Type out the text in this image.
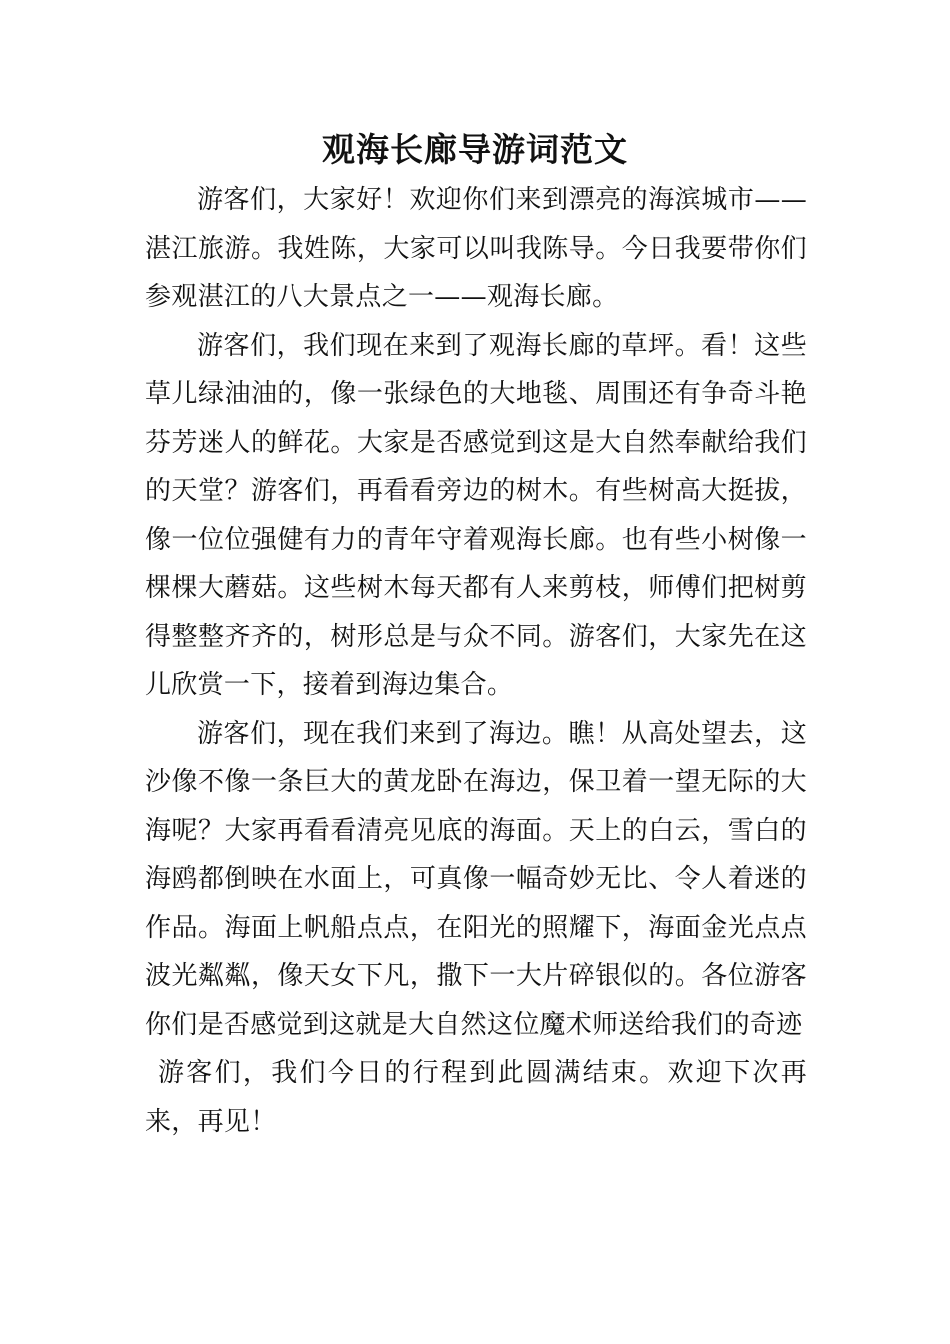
观海长廊导游词范文

游客们，大家好！欢迎你们来到漂亮的海滨城市——湛江旅游。我姓陈，大家可以叫我陈导。今日我要带你们参观湛江的八大景点之一——观海长廊。

游客们，我们现在来到了观海长廊的草坪。看！这些草儿绿油油的，像一张绿色的大地毯、周围还有争奇斗艳芬芳迷人的鲜花。大家是否感觉到这是大自然奉献给我们的天堂？游客们，再看看旁边的树木。有些树高大挺拔，像一位位强健有力的青年守着观海长廊。也有些小树像一棵棵大蘑菇。这些树木每天都有人来剪枝，师傅们把树剪得整整齐齐的，树形总是与众不同。游客们，大家先在这儿欣赏一下，接着到海边集合。

游客们，现在我们来到了海边。瞧！从高处望去，这沙像不像一条巨大的黄龙卧在海边，保卫着一望无际的大海呢？大家再看看清亮见底的海面。天上的白云，雪白的海鸥都倒映在水面上，可真像一幅奇妙无比、令人着迷的作品。海面上帆船点点，在阳光的照耀下，海面金光点点波光粼粼，像天女下凡，撒下一大片碎银似的。各位游客你们是否感觉到这就是大自然这位魔术师送给我们的奇迹

游客们，我们今日的行程到此圆满结束。欢迎下次再来，再见！
